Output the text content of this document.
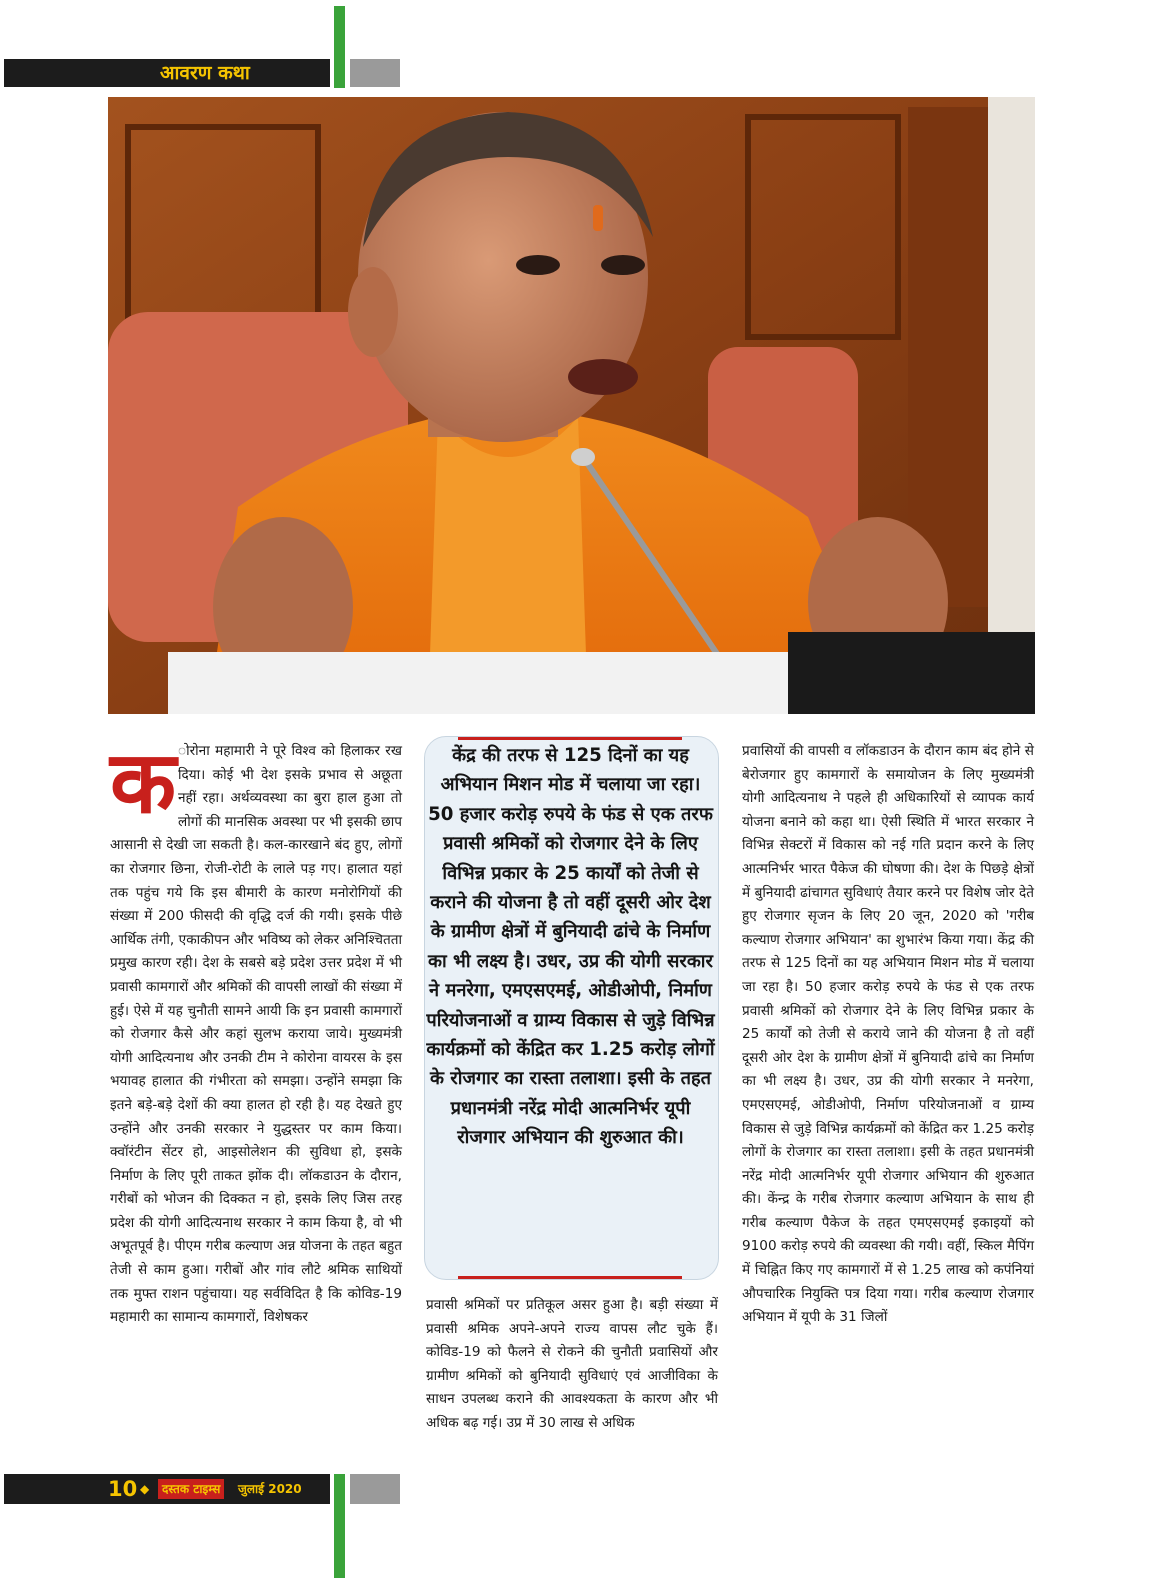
आवरण कथा
क ोरोना महामारी ने पूरे विश्व को हिलाकर रख दिया। कोई भी देश इसके प्रभाव से अछूता नहीं रहा। अर्थव्यवस्था का बुरा हाल हुआ तो लोगों की मानसिक अवस्था पर भी इसकी छाप आसानी से देखी जा सकती है। कल-कारखाने बंद हुए, लोगों का रोजगार छिना, रोजी-रोटी के लाले पड़ गए। हालात यहां तक पहुंच गये कि इस बीमारी के कारण मनोरोगियों की संख्या में 200 फीसदी की वृद्धि दर्ज की गयी। इसके पीछे आर्थिक तंगी, एकाकीपन और भविष्य को लेकर अनिश्चितता प्रमुख कारण रही। देश के सबसे बड़े प्रदेश उत्तर प्रदेश में भी प्रवासी कामगारों और श्रमिकों की वापसी लाखों की संख्या में हुई। ऐसे में यह चुनौती सामने आयी कि इन प्रवासी कामगारों को रोजगार कैसे और कहां सुलभ कराया जाये। मुख्यमंत्री योगी आदित्यनाथ और उनकी टीम ने कोरोना वायरस के इस भयावह हालात की गंभीरता को समझा। उन्होंने समझा कि इतने बड़े-बड़े देशों की क्या हालत हो रही है। यह देखते हुए उन्होंने और उनकी सरकार ने युद्धस्तर पर काम किया। क्वॉरंटीन सेंटर हो, आइसोलेशन की सुविधा हो, इसके निर्माण के लिए पूरी ताकत झोंक दी। लॉकडाउन के दौरान, गरीबों को भोजन की दिक्कत न हो, इसके लिए जिस तरह प्रदेश की योगी आदित्यनाथ सरकार ने काम किया है, वो भी अभूतपूर्व है। पीएम गरीब कल्याण अन्न योजना के तहत बहुत तेजी से काम हुआ। गरीबों और गांव लौटे श्रमिक साथियों तक मुफ्त राशन पहुंचाया। यह सर्वविदित है कि कोविड-19 महामारी का सामान्य कामगारों, विशेषकर

केंद्र की तरफ से 125 दिनों का यह अभियान मिशन मोड में चलाया जा रहा। 50 हजार करोड़ रुपये के फंड से एक तरफ प्रवासी श्रमिकों को रोजगार देने के लिए विभिन्न प्रकार के 25 कार्यों को तेजी से कराने की योजना है तो वहीं दूसरी ओर देश के ग्रामीण क्षेत्रों में बुनियादी ढांचे के निर्माण का भी लक्ष्य है। उधर, उप्र की योगी सरकार ने मनरेगा, एमएसएमई, ओडीओपी, निर्माण परियोजनाओं व ग्राम्य विकास से जुड़े विभिन्न कार्यक्रमों को केंद्रित कर 1.25 करोड़ लोगों के रोजगार का रास्ता तलाशा। इसी के तहत प्रधानमंत्री नरेंद्र मोदी आत्मनिर्भर यूपी रोजगार अभियान की शुरुआत की।

प्रवासी श्रमिकों पर प्रतिकूल असर हुआ है। बड़ी संख्या में प्रवासी श्रमिक अपने-अपने राज्य वापस लौट चुके हैं। कोविड-19 को फैलने से रोकने की चुनौती प्रवासियों और ग्रामीण श्रमिकों को बुनियादी सुविधाएं एवं आजीविका के साधन उपलब्ध कराने की आवश्यकता के कारण और भी अधिक बढ़ गई। उप्र में 30 लाख से अधिक

प्रवासियों की वापसी व लॉकडाउन के दौरान काम बंद होने से बेरोजगार हुए कामगारों के समायोजन के लिए मुख्यमंत्री योगी आदित्यनाथ ने पहले ही अधिकारियों से व्यापक कार्य योजना बनाने को कहा था। ऐसी स्थिति में भारत सरकार ने विभिन्न सेक्टरों में विकास को नई गति प्रदान करने के लिए आत्मनिर्भर भारत पैकेज की घोषणा की। देश के पिछड़े क्षेत्रों में बुनियादी ढांचागत सुविधाएं तैयार करने पर विशेष जोर देते हुए रोजगार सृजन के लिए 20 जून, 2020 को 'गरीब कल्याण रोजगार अभियान' का शुभारंभ किया गया। केंद्र की तरफ से 125 दिनों का यह अभियान मिशन मोड में चलाया जा रहा है। 50 हजार करोड़ रुपये के फंड से एक तरफ प्रवासी श्रमिकों को रोजगार देने के लिए विभिन्न प्रकार के 25 कार्यों को तेजी से कराये जाने की योजना है तो वहीं दूसरी ओर देश के ग्रामीण क्षेत्रों में बुनियादी ढांचे का निर्माण का भी लक्ष्य है। उधर, उप्र की योगी सरकार ने मनरेगा, एमएसएमई, ओडीओपी, निर्माण परियोजनाओं व ग्राम्य विकास से जुड़े विभिन्न कार्यक्रमों को केंद्रित कर 1.25 करोड़ लोगों के रोजगार का रास्ता तलाशा। इसी के तहत प्रधानमंत्री नरेंद्र मोदी आत्मनिर्भर यूपी रोजगार अभियान की शुरुआत की। केंन्द्र के गरीब रोजगार कल्याण अभियान के साथ ही गरीब कल्याण पैकेज के तहत एमएसएमई इकाइयों को 9100 करोड़ रुपये की व्यवस्था की गयी। वहीं, स्किल मैपिंग में चिह्नित किए गए कामगारों में से 1.25 लाख को कपंनियां औपचारिक नियुक्ति पत्र दिया गया। गरीब कल्याण रोजगार अभियान में यूपी के 31 जिलों

10 ◆	दस्तक टाइम्स	जुलाई 2020
